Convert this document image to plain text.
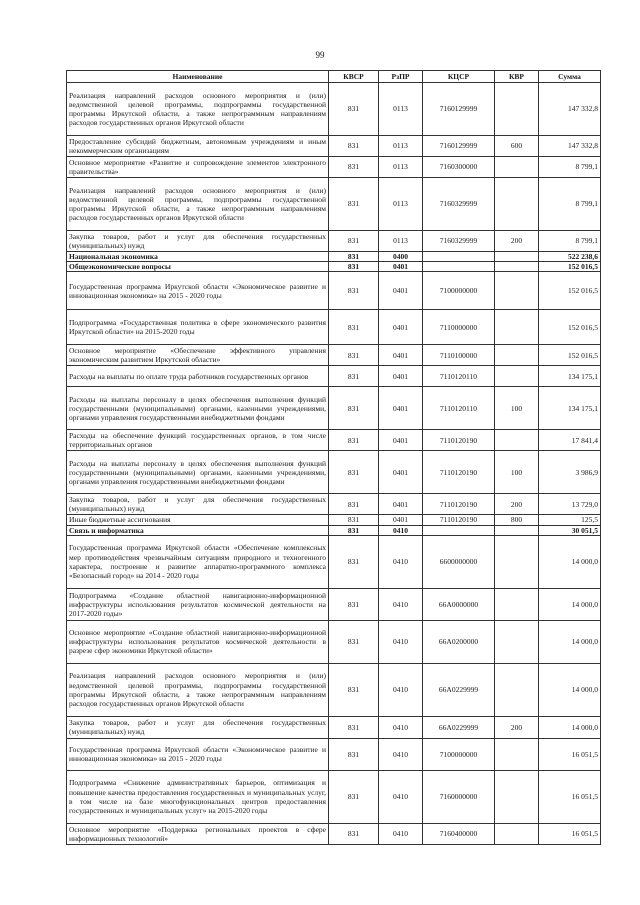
99
Наименование	КВСР	РзПР	КЦСР	КВР	Сумма
Реализация направлений расходов основного мероприятия и (или) ведомственной целевой программы, подпрограммы государственной программы Иркутской области, а также непрограммным направлениям расходов государственных органов Иркутской области	831	0113	7160129999		147 332,8
Предоставление субсидий бюджетным, автономным учреждениям и иным некоммерческим организациям	831	0113	7160129999	600	147 332,8
Основное мероприятие «Развитие и сопровождение элементов электронного правительства»	831	0113	7160300000		8 799,1
Реализация направлений расходов основного мероприятия и (или) ведомственной целевой программы, подпрограммы государственной программы Иркутской области, а также непрограммным направлениям расходов государственных органов Иркутской области	831	0113	7160329999		8 799,1
Закупка товаров, работ и услуг для обеспечения государственных (муниципальных) нужд	831	0113	7160329999	200	8 799,1
Национальная экономика	831	0400			522 238,6
Общеэкономические вопросы	831	0401			152 016,5
Государственная программа Иркутской области «Экономическое развитие и инновационная экономика» на 2015 - 2020 годы	831	0401	7100000000		152 016,5
Подпрограмма «Государственная политика в сфере экономического развития Иркутской области» на 2015-2020 годы	831	0401	7110000000		152 016,5
Основное мероприятие «Обеспечение эффективного управления экономическим развитием Иркутской области»	831	0401	7110100000		152 016,5
Расходы на выплаты по оплате труда работников государственных органов	831	0401	7110120110		134 175,1
Расходы на выплаты персоналу в целях обеспечения выполнения функций государственными (муниципальными) органами, казенными учреждениями, органами управления государственными внебюджетными фондами	831	0401	7110120110	100	134 175,1
Расходы на обеспечение функций государственных органов, в том числе территориальных органов	831	0401	7110120190		17 841,4
Расходы на выплаты персоналу в целях обеспечения выполнения функций государственными (муниципальными) органами, казенными учреждениями, органами управления государственными внебюджетными фондами	831	0401	7110120190	100	3 986,9
Закупка товаров, работ и услуг для обеспечения государственных (муниципальных) нужд	831	0401	7110120190	200	13 729,0
Иные бюджетные ассигнования	831	0401	7110120190	800	125,5
Связь и информатика	831	0410			30 051,5
Государственная программа Иркутской области «Обеспечение комплексных мер противодействия чрезвычайным ситуациям природного и техногенного характера, построение и развитие аппаратно-программного комплекса «Безопасный город» на 2014 - 2020 годы	831	0410	6600000000		14 000,0
Подпрограмма «Создание областной навигационно-информационной инфраструктуры использования результатов космической деятельности на 2017-2020 годы»	831	0410	66А0000000		14 000,0
Основное мероприятие «Создание областной навигационно-информационной инфраструктуры использования результатов космической деятельности в разрезе сфер экономики Иркутской области»	831	0410	66А0200000		14 000,0
Реализация направлений расходов основного мероприятия и (или) ведомственной целевой программы, подпрограммы государственной программы Иркутской области, а также непрограммным направлениям расходов государственных органов Иркутской области	831	0410	66А0229999		14 000,0
Закупка товаров, работ и услуг для обеспечения государственных (муниципальных) нужд	831	0410	66А0229999	200	14 000,0
Государственная программа Иркутской области «Экономическое развитие и инновационная экономика» на 2015 - 2020 годы	831	0410	7100000000		16 051,5
Подпрограмма «Снижение административных барьеров, оптимизация и повышение качества предоставления государственных и муниципальных услуг, в том числе на базе многофункциональных центров предоставления государственных и муниципальных услуг» на 2015-2020 годы	831	0410	7160000000		16 051,5
Основное мероприятие «Поддержка региональных проектов в сфере информационных технологий»	831	0410	7160400000		16 051,5
